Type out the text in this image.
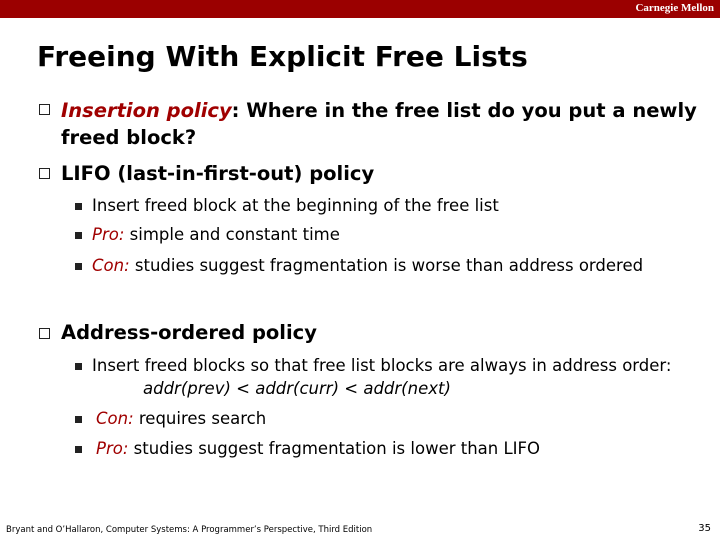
Carnegie Mellon
Freeing With Explicit Free Lists
Insertion policy: Where in the free list do you put a newly
freed block?
LIFO (last-in-first-out) policy
Insert freed block at the beginning of the free list
Pro: simple and constant time
Con: studies suggest fragmentation is worse than address ordered
Address-ordered policy
Insert freed blocks so that free list blocks are always in address order:
addr(prev) < addr(curr) < addr(next)
Con: requires search
Pro: studies suggest fragmentation is lower than LIFO
Bryant and O’Hallaron, Computer Systems: A Programmer’s Perspective, Third Edition	35
